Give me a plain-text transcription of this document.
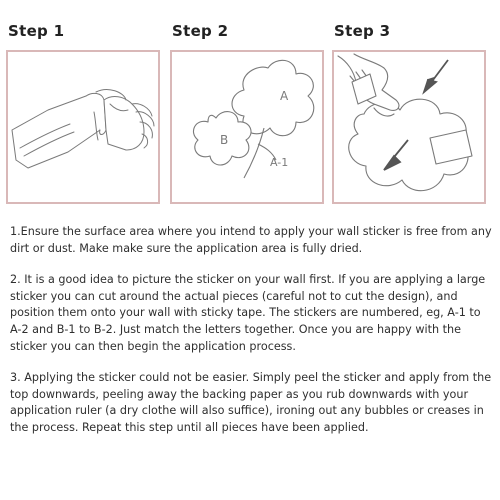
Step 1	Step 2
A
B
A-1
Step 3

1.Ensure the surface area where you intend to apply your wall sticker is free from any dirt or dust. Make make sure the application area is fully dried.

2. It is a good idea to picture the sticker on your wall first. If you are applying a large sticker you can cut around the actual pieces (careful not to cut the design), and position them onto your wall with sticky tape. The stickers are numbered, eg, A-1 to A-2 and B-1 to B-2. Just match the letters together. Once you are happy with the sticker you can then begin the application process.

3. Applying the sticker could not be easier. Simply peel the sticker and apply from the top downwards, peeling away the backing paper as you rub downwards with your application ruler (a dry clothe will also suffice), ironing out any bubbles or creases in the process. Repeat this step until all pieces have been applied.
